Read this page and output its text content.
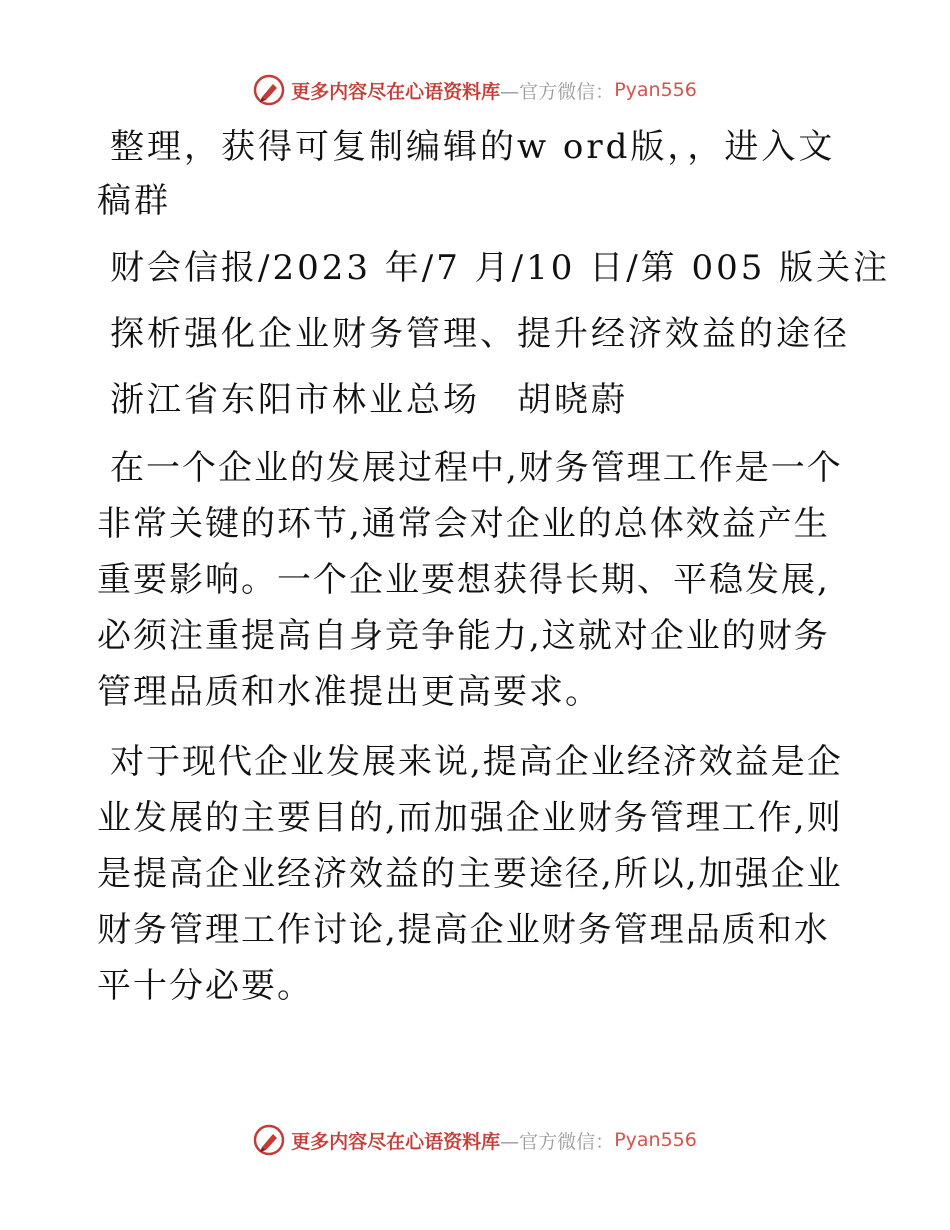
更多内容尽在心语资料库 —官方微信： Pyan556

整理，获得可复制编辑的w ord版，，进入文稿群

财会信报/2023 年/7 月/10 日/第 005 版关注

探析强化企业财务管理、提升经济效益的途径

浙江省东阳市林业总场　胡晓蔚

在一个企业的发展过程中,财务管理工作是一个非常关键的环节,通常会对企业的总体效益产生重要影响。一个企业要想获得长期、平稳发展,必须注重提高自身竞争能力,这就对企业的财务管理品质和水准提出更高要求。

对于现代企业发展来说,提高企业经济效益是企业发展的主要目的,而加强企业财务管理工作,则是提高企业经济效益的主要途径,所以,加强企业财务管理工作讨论,提高企业财务管理品质和水平十分必要。

更多内容尽在心语资料库 —官方微信： Pyan556
